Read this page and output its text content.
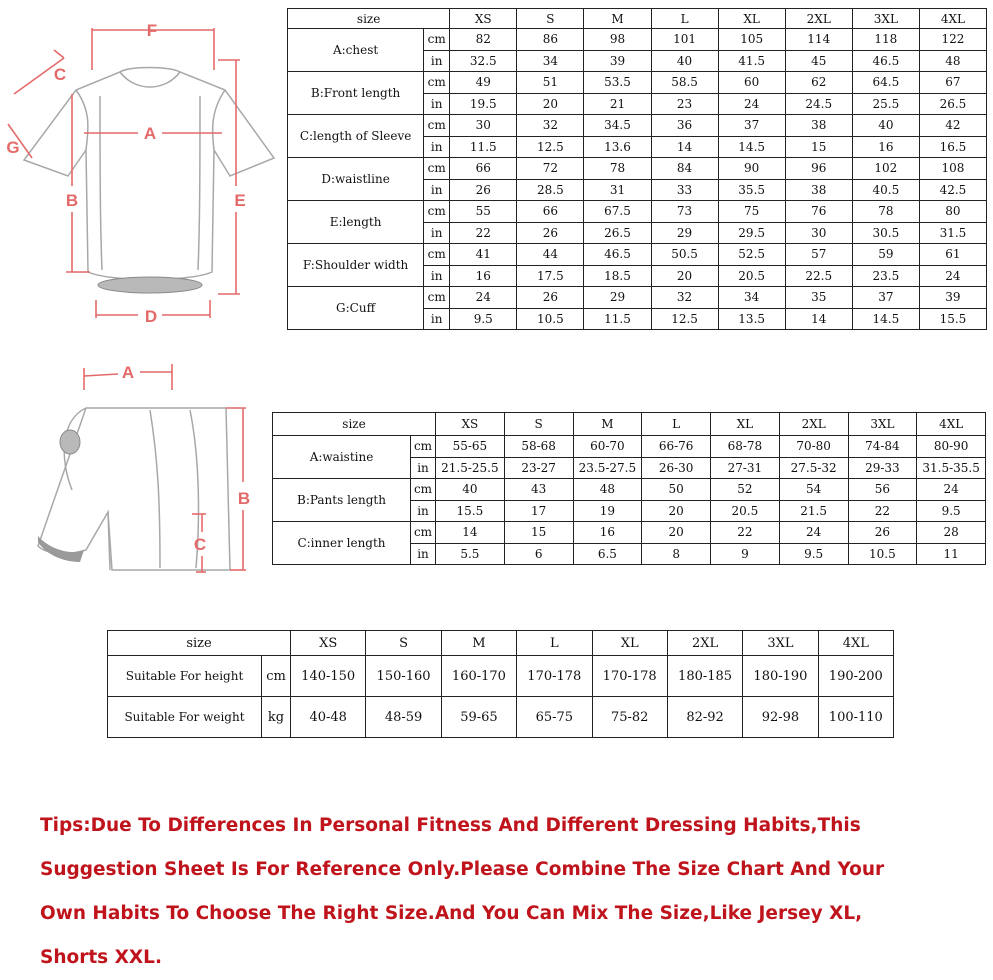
F
C
G
A
B	E
D
A
B
C
size		XS	S	M	L	XL	2XL	3XL	4XL
A:chest	cm	82	86	98	101	105	114	118	122
	in	32.5	34	39	40	41.5	45	46.5	48
B:Front length	cm	49	51	53.5	58.5	60	62	64.5	67
	in	19.5	20	21	23	24	24.5	25.5	26.5
C:length of Sleeve	cm	30	32	34.5	36	37	38	40	42
	in	11.5	12.5	13.6	14	14.5	15	16	16.5
D:waistline	cm	66	72	78	84	90	96	102	108
	in	26	28.5	31	33	35.5	38	40.5	42.5
E:length	cm	55	66	67.5	73	75	76	78	80
	in	22	26	26.5	29	29.5	30	30.5	31.5
F:Shoulder width	cm	41	44	46.5	50.5	52.5	57	59	61
	in	16	17.5	18.5	20	20.5	22.5	23.5	24
G:Cuff	cm	24	26	29	32	34	35	37	39
	in	9.5	10.5	11.5	12.5	13.5	14	14.5	15.5
size		XS	S	M	L	XL	2XL	3XL	4XL
A:waistine	cm	55-65	58-68	60-70	66-76	68-78	70-80	74-84	80-90
	in	21.5-25.5	23-27	23.5-27.5	26-30	27-31	27.5-32	29-33	31.5-35.5
B:Pants length	cm	40	43	48	50	52	54	56	24
	in	15.5	17	19	20	20.5	21.5	22	9.5
C:inner length	cm	14	15	16	20	22	24	26	28
	in	5.5	6	6.5	8	9	9.5	10.5	11
size		XS	S	M	L	XL	2XL	3XL	4XL
Suitable For height	cm	140-150	150-160	160-170	170-178	170-178	180-185	180-190	190-200
Suitable For weight	kg	40-48	48-59	59-65	65-75	75-82	82-92	92-98	100-110
Tips:Due To Differences In Personal Fitness And Different Dressing Habits,This
Suggestion Sheet Is For Reference Only.Please Combine The Size Chart And Your
Own Habits To Choose The Right Size.And You Can Mix The Size,Like Jersey XL,
Shorts XXL.
